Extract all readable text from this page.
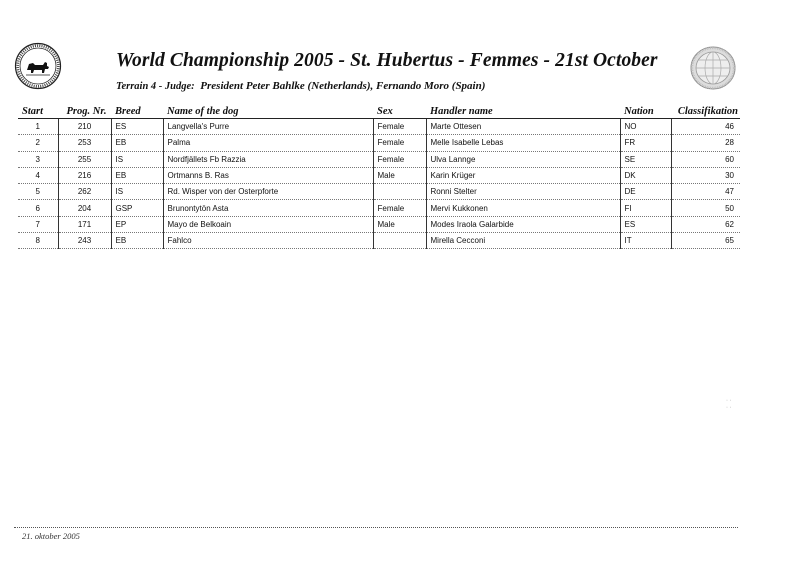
World Championship 2005 - St. Hubertus - Femmes - 21st October
Terrain 4 - Judge: President Peter Bahlke (Netherlands), Fernando Moro (Spain)
Start	Prog. Nr.	Breed	Name of the dog	Sex	Handler name	Nation	Classifikation
1	210	ES	Langvella's Purre	Female	Marte Ottesen	NO	46
2	253	EB	Palma	Female	Melle Isabelle Lebas	FR	28
3	255	IS	Nordfjällets Fb Razzia	Female	Ulva Lannge	SE	60
4	216	EB	Ortmanns B. Ras	Male	Karin Krüger	DK	30
5	262	IS	Rd. Wisper von der Osterpforte		Ronni Stelter	DE	47
6	204	GSP	Brunontytön Asta	Female	Mervi Kukkonen	FI	50
7	171	EP	Mayo de Belkoain	Male	Modes Iraola Galarbide	ES	62
8	243	EB	Fahlco		Mirella Cecconi	IT	65
· ·
· ·
21. oktober 2005
